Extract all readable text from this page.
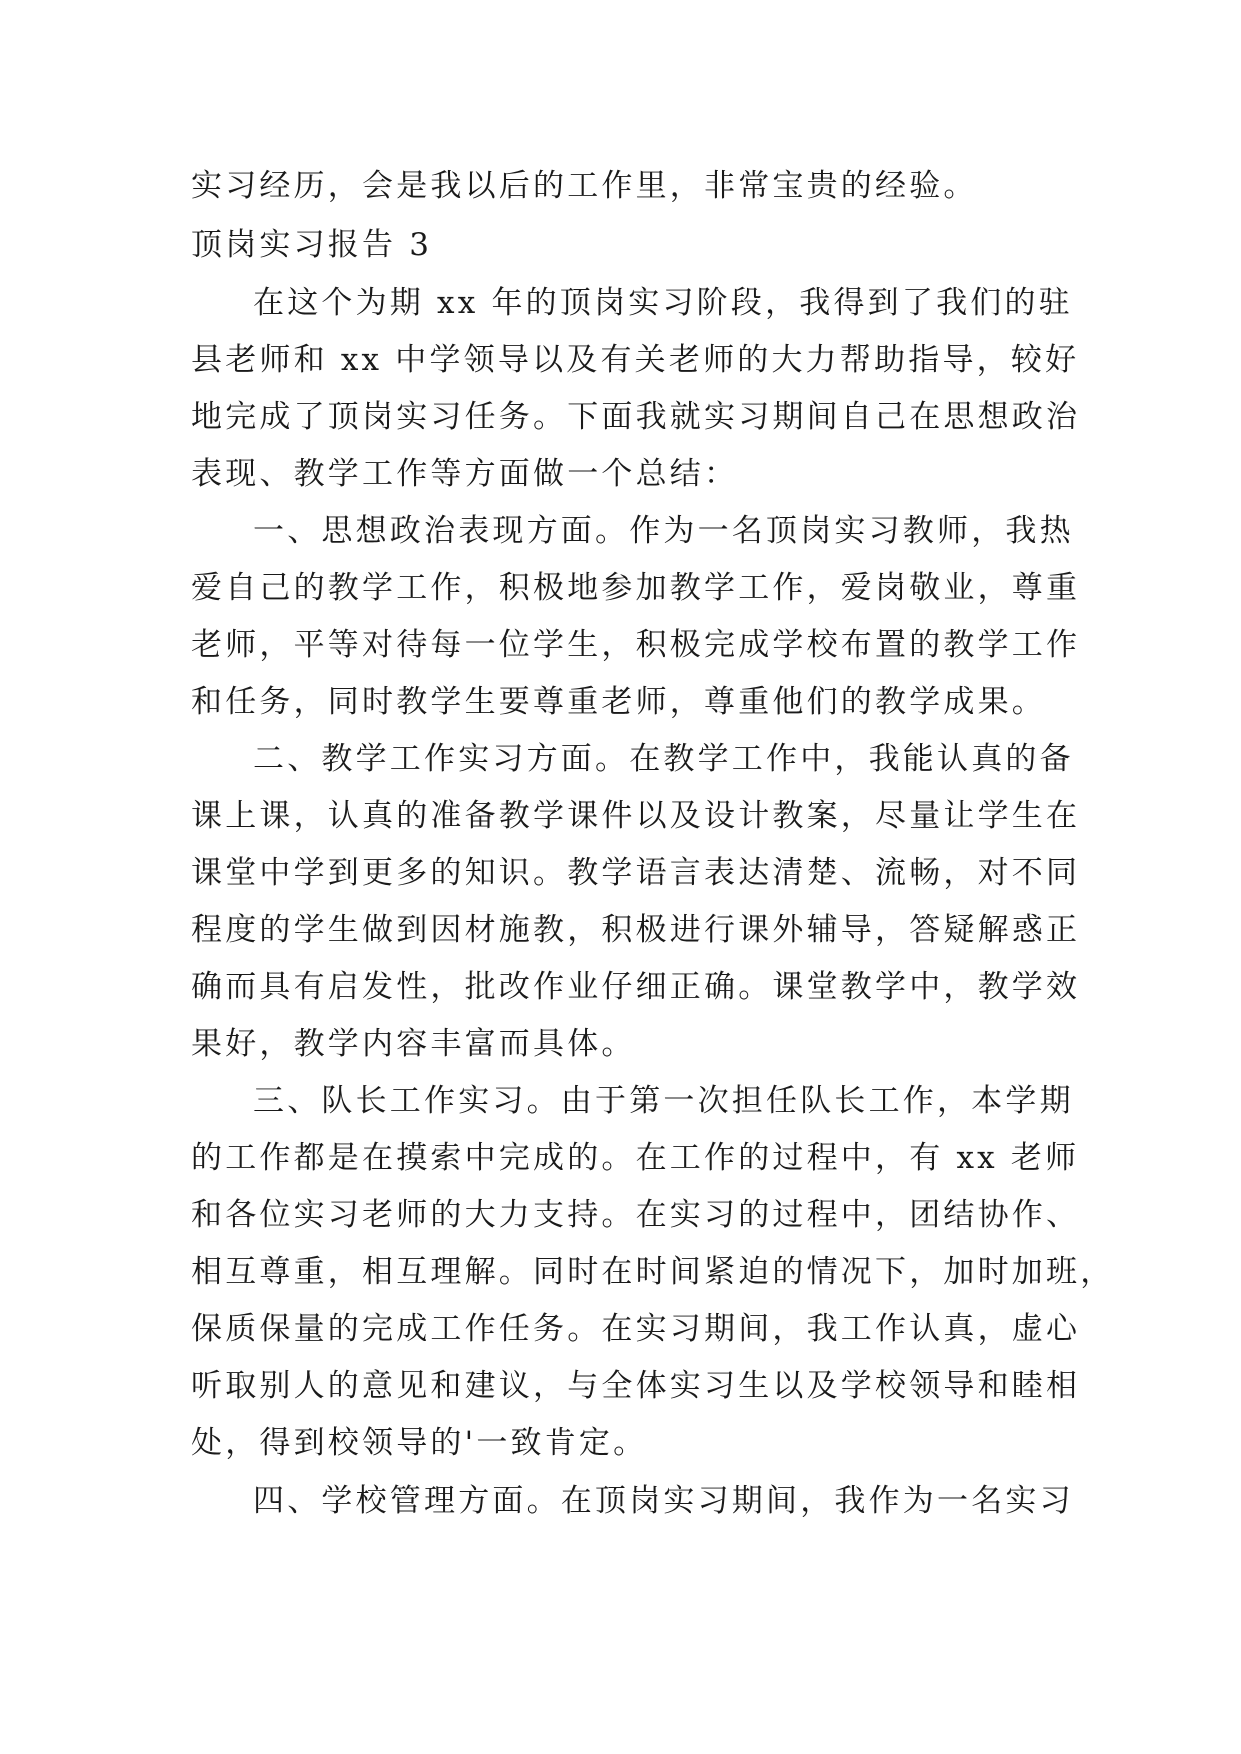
实习经历，会是我以后的工作里，非常宝贵的经验。
顶岗实习报告 3
在这个为期 xx 年的顶岗实习阶段，我得到了我们的驻
县老师和 xx 中学领导以及有关老师的大力帮助指导，较好
地完成了顶岗实习任务。下面我就实习期间自己在思想政治
表现、教学工作等方面做一个总结：
一、思想政治表现方面。作为一名顶岗实习教师，我热
爱自己的教学工作，积极地参加教学工作，爱岗敬业，尊重
老师，平等对待每一位学生，积极完成学校布置的教学工作
和任务，同时教学生要尊重老师，尊重他们的教学成果。
二、教学工作实习方面。在教学工作中，我能认真的备
课上课，认真的准备教学课件以及设计教案，尽量让学生在
课堂中学到更多的知识。教学语言表达清楚、流畅，对不同
程度的学生做到因材施教，积极进行课外辅导，答疑解惑正
确而具有启发性，批改作业仔细正确。课堂教学中，教学效
果好，教学内容丰富而具体。
三、队长工作实习。由于第一次担任队长工作，本学期
的工作都是在摸索中完成的。在工作的过程中，有 xx 老师
和各位实习老师的大力支持。在实习的过程中，团结协作、
相互尊重，相互理解。同时在时间紧迫的情况下，加时加班，
保质保量的完成工作任务。在实习期间，我工作认真，虚心
听取别人的意见和建议，与全体实习生以及学校领导和睦相
处，得到校领导的'一致肯定。
四、学校管理方面。在顶岗实习期间，我作为一名实习
